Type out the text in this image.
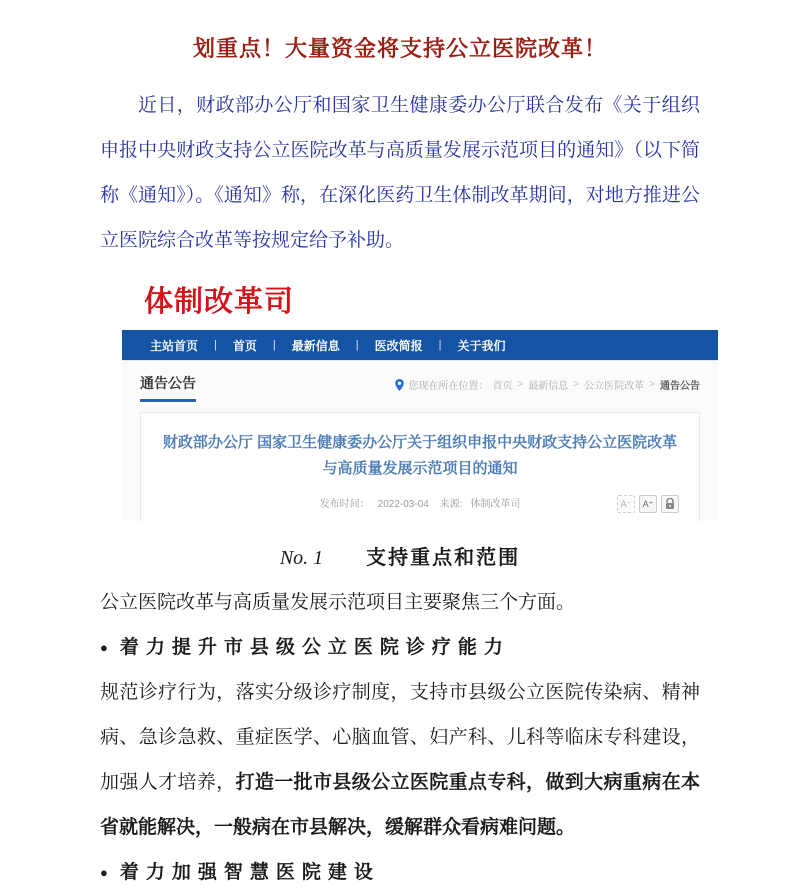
划重点！大量资金将支持公立医院改革！

近日，财政部办公厅和国家卫生健康委办公厅联合发布《关于组织申报中央财政支持公立医院改革与高质量发展示范项目的通知》（以下简称《通知》）。《通知》称，在深化医药卫生体制改革期间，对地方推进公立医院综合改革等按规定给予补助。

体制改革司
主站首页 | 首页 | 最新信息 | 医改简报 | 关于我们
通告公告	您现在所在位置： 首页 > 最新信息 > 公立医院改革 > 通告公告
财政部办公厅 国家卫生健康委办公厅关于组织申报中央财政支持公立医院改革与高质量发展示范项目的通知
发布时间： 2022-03-04 来源: 体制改革司	A⁻	A⁺
No. 1 支持重点和范围

公立医院改革与高质量发展示范项目主要聚焦三个方面。

● 着力提升市县级公立医院诊疗能力

规范诊疗行为，落实分级诊疗制度，支持市县级公立医院传染病、精神病、急诊急救、重症医学、心脑血管、妇产科、儿科等临床专科建设，加强人才培养，打造一批市县级公立医院重点专科，做到大病重病在本省就能解决，一般病在市县解决，缓解群众看病难问题。

● 着力加强智慧医院建设
